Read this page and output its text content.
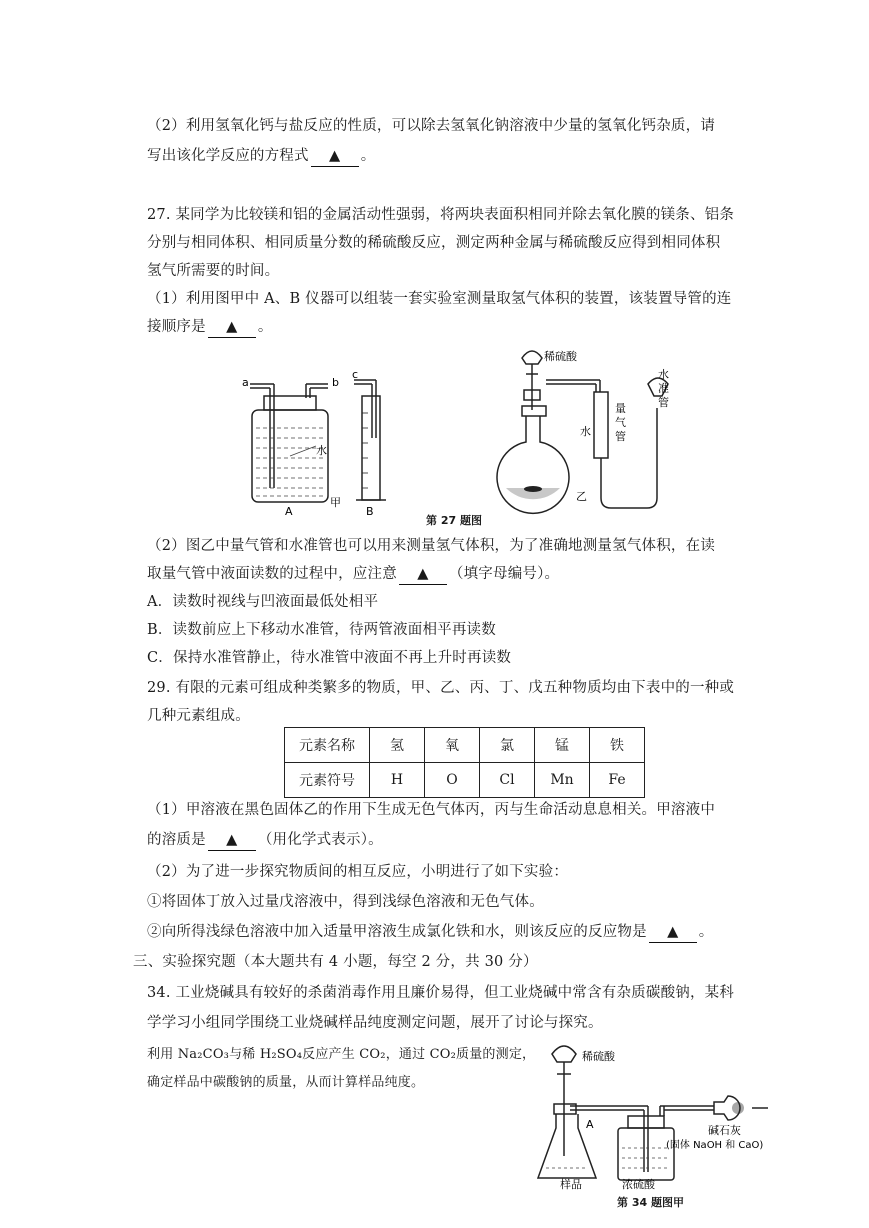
（2）利用氢氧化钙与盐反应的性质，可以除去氢氧化钠溶液中少量的氢氧化钙杂质，请
写出该化学反应的方程式 ▲ 。
27. 某同学为比较镁和铝的金属活动性强弱，将两块表面积相同并除去氧化膜的镁条、铝条
分别与相同体积、相同质量分数的稀硫酸反应，测定两种金属与稀硫酸反应得到相同体积
氢气所需要的时间。
（1）利用图甲中 A、B 仪器可以组装一套实验室测量取氢气体积的装置，该装置导管的连
接顺序是 ▲ 。
a	b
水
A
c
B
甲
稀硫酸
水
量
气
管
水
准
管
乙
第 27 题图
（2）图乙中量气管和水准管也可以用来测量氢气体积，为了准确地测量氢气体积，在读
取量气管中液面读数的过程中，应注意 ▲ （填字母编号）。
A．读数时视线与凹液面最低处相平
B．读数前应上下移动水准管，待两管液面相平再读数
C．保持水准管静止，待水准管中液面不再上升时再读数
29. 有限的元素可组成种类繁多的物质，甲、乙、丙、丁、戊五种物质均由下表中的一种或
几种元素组成。
元素名称	氢	氧	氯	锰	铁
元素符号	H	O	Cl	Mn	Fe
（1）甲溶液在黑色固体乙的作用下生成无色气体丙，丙与生命活动息息相关。甲溶液中
的溶质是 ▲ （用化学式表示）。
（2）为了进一步探究物质间的相互反应，小明进行了如下实验：
①将固体丁放入过量戊溶液中，得到浅绿色溶液和无色气体。
②向所得浅绿色溶液中加入适量甲溶液生成氯化铁和水，则该反应的反应物是 ▲ 。
三、实验探究题（本大题共有 4 小题，每空 2 分，共 30 分）
34. 工业烧碱具有较好的杀菌消毒作用且廉价易得，但工业烧碱中常含有杂质碳酸钠，某科
学学习小组同学围绕工业烧碱样品纯度测定问题，展开了讨论与探究。
利用 Na₂CO₃与稀 H₂SO₄反应产生 CO₂，通过 CO₂质量的测定，
确定样品中碳酸钠的质量，从而计算样品纯度。
稀硫酸
A	碱石灰
(固体 NaOH 和 CaO)
样品	浓硫酸
第 34 题图甲
